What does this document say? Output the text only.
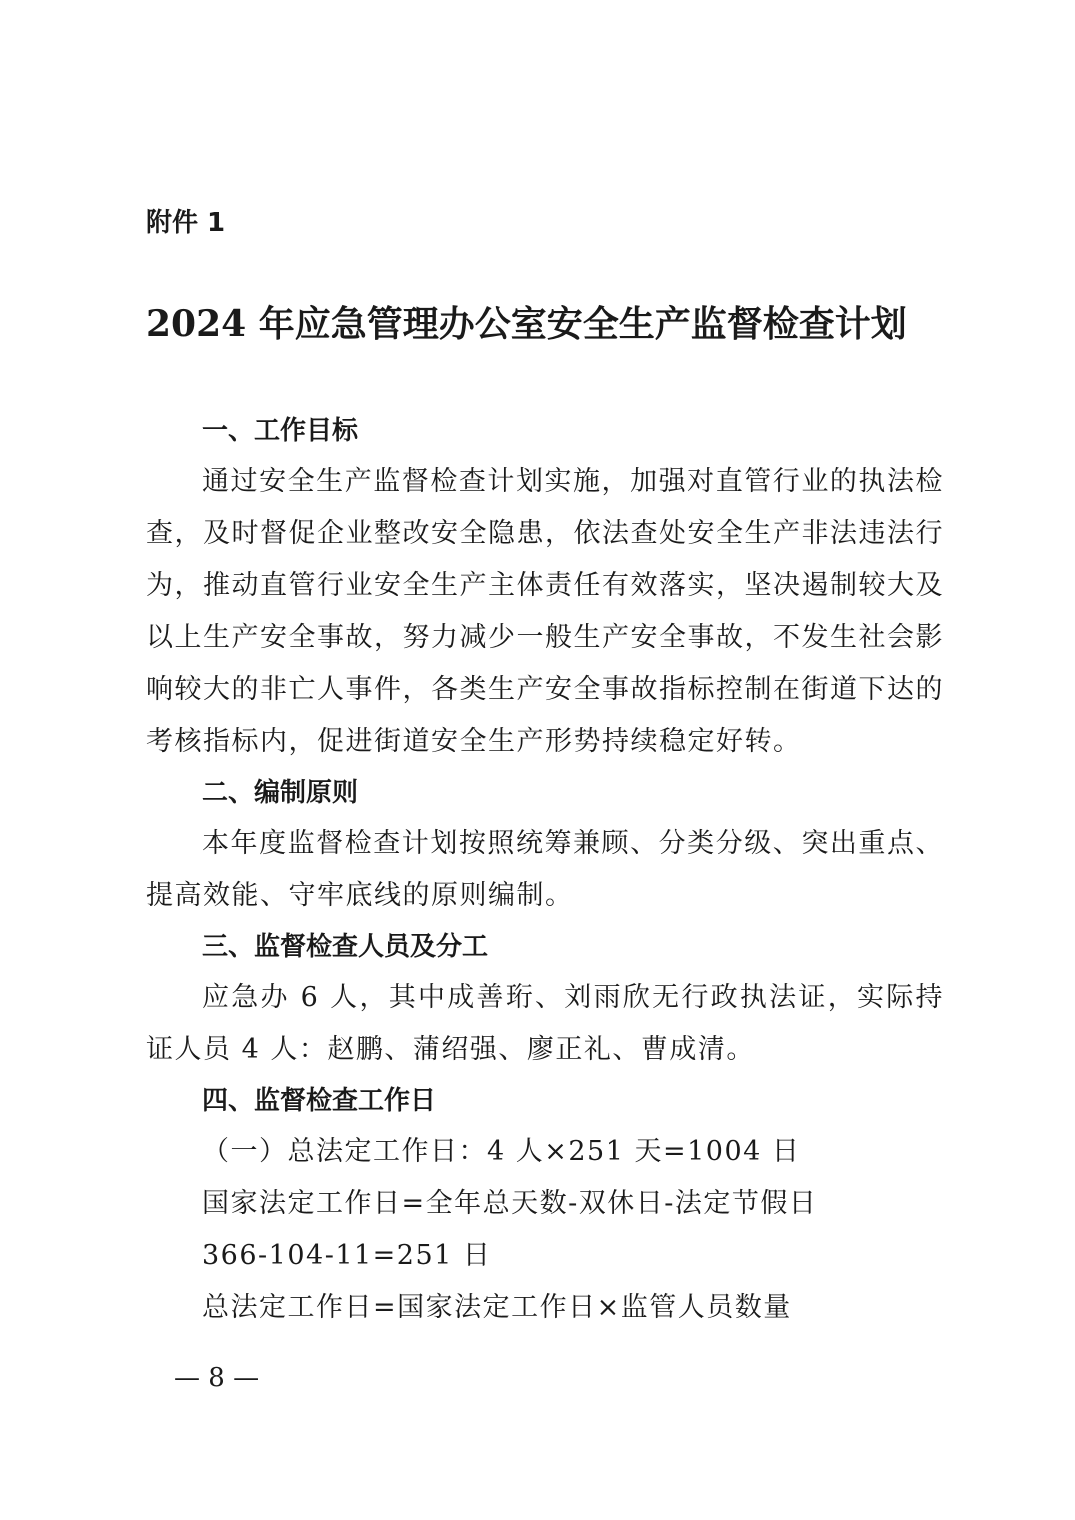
附件 1
2024 年应急管理办公室安全生产监督检查计划
一、工作目标

通过安全生产监督检查计划实施，加强对直管行业的执法检查，及时督促企业整改安全隐患，依法查处安全生产非法违法行为，推动直管行业安全生产主体责任有效落实，坚决遏制较大及以上生产安全事故，努力减少一般生产安全事故，不发生社会影响较大的非亡人事件，各类生产安全事故指标控制在街道下达的考核指标内，促进街道安全生产形势持续稳定好转。

二、编制原则

本年度监督检查计划按照统筹兼顾、分类分级、突出重点、提高效能、守牢底线的原则编制。

三、监督检查人员及分工

应急办 6 人，其中成善珩、刘雨欣无行政执法证，实际持证人员 4 人：赵鹏、蒲绍强、廖正礼、曹成清。

四、监督检查工作日

（一）总法定工作日：4 人×251 天=1004 日

国家法定工作日=全年总天数-双休日-法定节假日

366-104-11=251 日

总法定工作日=国家法定工作日×监管人员数量

— 8 —
